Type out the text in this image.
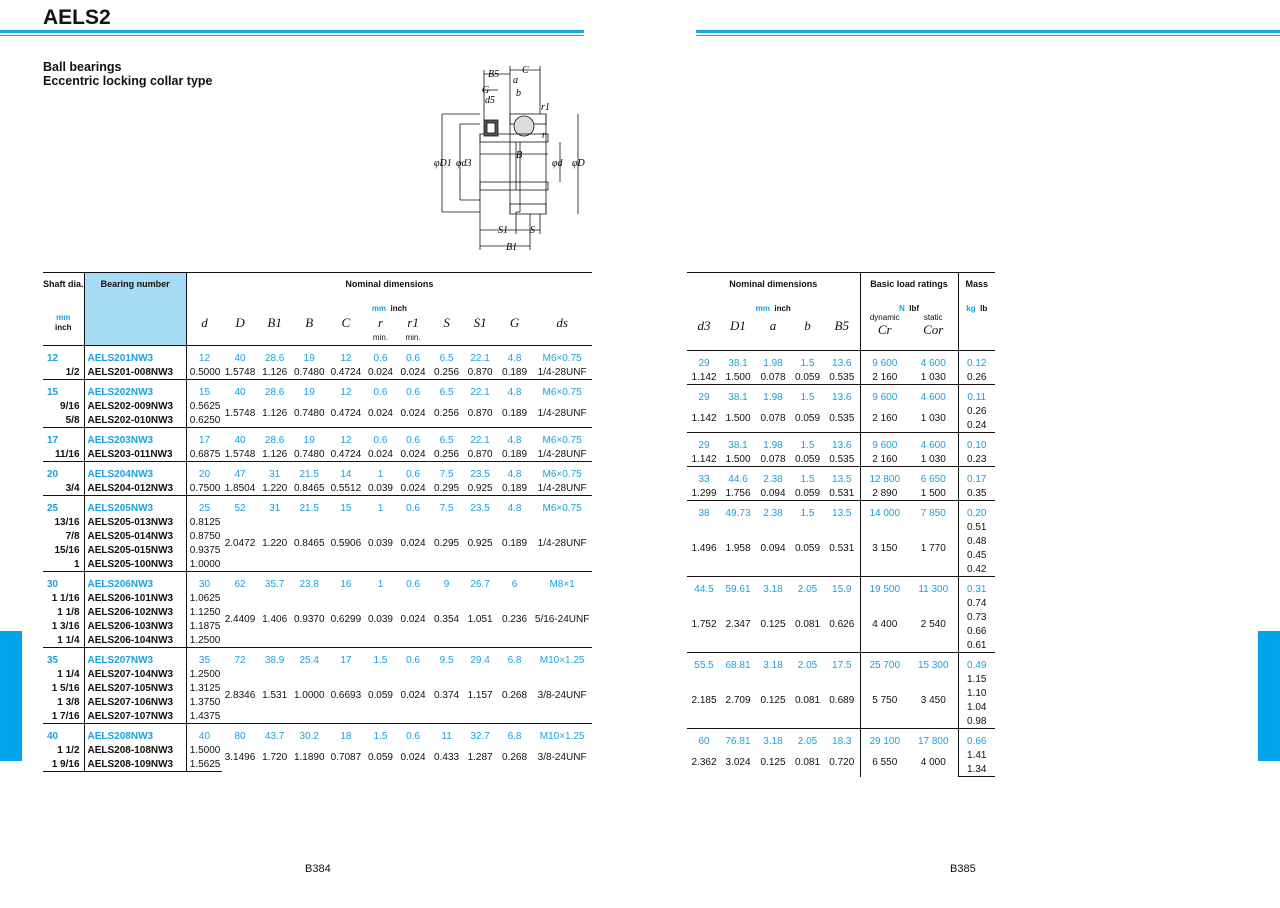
AELS2
Ball bearings
Eccentric locking collar type	B5 C
G
a
b
d5
r1
r
B
φD1 φd3	φd φD
S1 S
B1
Shaft dia.	Bearing number	Nominal dimensions										
		mm inch										
mm
inch		d	D	B1	B	C	r	r1	S	S1	G	ds
							min.	min.				
12	AELS201NW3	12	40	28.6	19	12	0.6	0.6	6.5	22.1	4.8	M6×0.75
1/2	AELS201-008NW3	0.5000	1.5748	1.126	0.7480	0.4724	0.024	0.024	0.256	0.870	0.189	1/4-28UNF
15	AELS202NW3	15	40	28.6	19	12	0.6	0.6	6.5	22.1	4.8	M6×0.75
9/16	AELS202-009NW3	0.5625	1.5748	1.126	0.7480	0.4724	0.024	0.024	0.256	0.870	0.189	1/4-28UNF
5/8	AELS202-010NW3	0.6250										
17	AELS203NW3	17	40	28.6	19	12	0.6	0.6	6.5	22.1	4.8	M6×0.75
11/16	AELS203-011NW3	0.6875	1.5748	1.126	0.7480	0.4724	0.024	0.024	0.256	0.870	0.189	1/4-28UNF
20	AELS204NW3	20	47	31	21.5	14	1	0.6	7.5	23.5	4.8	M6×0.75
3/4	AELS204-012NW3	0.7500	1.8504	1.220	0.8465	0.5512	0.039	0.024	0.295	0.925	0.189	1/4-28UNF
25	AELS205NW3	25	52	31	21.5	15	1	0.6	7.5	23.5	4.8	M6×0.75
13/16	AELS205-013NW3	0.8125	2.0472	1.220	0.8465	0.5906	0.039	0.024	0.295	0.925	0.189	1/4-28UNF
7/8	AELS205-014NW3	0.8750										
15/16	AELS205-015NW3	0.9375										
1	AELS205-100NW3	1.0000										
30	AELS206NW3	30	62	35.7	23.8	16	1	0.6	9	26.7	6	M8×1
1 1/16	AELS206-101NW3	1.0625	2.4409	1.406	0.9370	0.6299	0.039	0.024	0.354	1.051	0.236	5/16-24UNF
1 1/8	AELS206-102NW3	1.1250										
1 3/16	AELS206-103NW3	1.1875										
1 1/4	AELS206-104NW3	1.2500										
35	AELS207NW3	35	72	38.9	25.4	17	1.5	0.6	9.5	29.4	6.8	M10×1.25
1 1/4	AELS207-104NW3	1.2500	2.8346	1.531	1.0000	0.6693	0.059	0.024	0.374	1.157	0.268	3/8-24UNF
1 5/16	AELS207-105NW3	1.3125										
1 3/8	AELS207-106NW3	1.3750										
1 7/16	AELS207-107NW3	1.4375										
40	AELS208NW3	40	80	43.7	30.2	18	1.5	0.6	11	32.7	6.8	M10×1.25
1 1/2	AELS208-108NW3	1.5000	3.1496	1.720	1.1890	0.7087	0.059	0.024	0.433	1.287	0.268	3/8-24UNF
1 9/16	AELS208-109NW3	1.5625										
Nominal dimensions					Basic load ratings		Mass
mm inch					N lbf		kg lb
d3	D1	a	b	B5	dynamic
Cr	static
Cor	

29	38.1	1.98	1.5	13.6	9 600	4 600	0.12
1.142	1.500	0.078	0.059	0.535	2 160	1 030	0.26
29	38.1	1.98	1.5	13.6	9 600	4 600	0.11
1.142	1.500	0.078	0.059	0.535	2 160	1 030	0.26
							0.24
29	38.1	1.98	1.5	13.6	9 600	4 600	0.10
1.142	1.500	0.078	0.059	0.535	2 160	1 030	0.23
33	44.6	2.38	1.5	13.5	12 800	6 650	0.17
1.299	1.756	0.094	0.059	0.531	2 890	1 500	0.35
38	49.73	2.38	1.5	13.5	14 000	7 850	0.20
1.496	1.958	0.094	0.059	0.531	3 150	1 770	0.51
							0.48
							0.45
							0.42
44.5	59.61	3.18	2.05	15.9	19 500	11 300	0.31
1.752	2.347	0.125	0.081	0.626	4 400	2 540	0.74
							0.73
							0.66
							0.61
55.5	68.81	3.18	2.05	17.5	25 700	15 300	0.49
2.185	2.709	0.125	0.081	0.689	5 750	3 450	1.15
							1.10
							1.04
							0.98
60	76.81	3.18	2.05	18.3	29 100	17 800	0.66
2.362	3.024	0.125	0.081	0.720	6 550	4 000	1.41
							1.34
B384	B385
